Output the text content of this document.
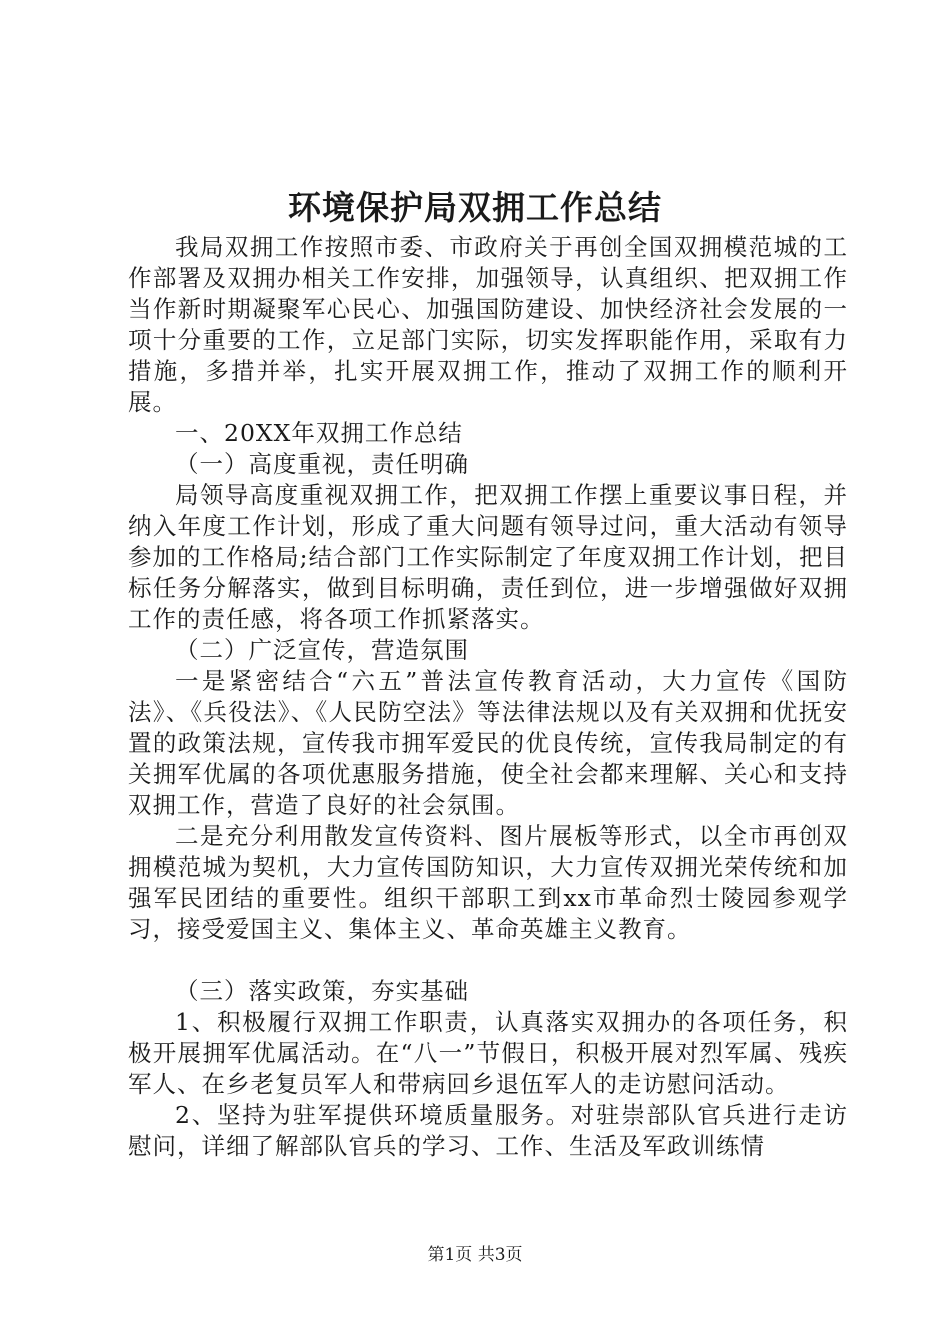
环境保护局双拥工作总结

我局双拥工作按照市委、市政府关于再创全国双拥模范城的工作部署及双拥办相关工作安排，加强领导，认真组织、把双拥工作当作新时期凝聚军心民心、加强国防建设、加快经济社会发展的一项十分重要的工作，立足部门实际，切实发挥职能作用，采取有力措施，多措并举，扎实开展双拥工作，推动了双拥工作的顺利开展。

一、20XX年双拥工作总结

（一）高度重视，责任明确

局领导高度重视双拥工作，把双拥工作摆上重要议事日程，并纳入年度工作计划，形成了重大问题有领导过问，重大活动有领导参加的工作格局;结合部门工作实际制定了年度双拥工作计划，把目标任务分解落实，做到目标明确，责任到位，进一步增强做好双拥工作的责任感，将各项工作抓紧落实。

（二）广泛宣传，营造氛围

一是紧密结合“六五”普法宣传教育活动，大力宣传《国防法》、《兵役法》、《人民防空法》等法律法规以及有关双拥和优抚安置的政策法规，宣传我市拥军爱民的优良传统，宣传我局制定的有关拥军优属的各项优惠服务措施，使全社会都来理解、关心和支持双拥工作，营造了良好的社会氛围。

二是充分利用散发宣传资料、图片展板等形式，以全市再创双拥模范城为契机，大力宣传国防知识，大力宣传双拥光荣传统和加强军民团结的重要性。组织干部职工到xx市革命烈士陵园参观学习，接受爱国主义、集体主义、革命英雄主义教育。

（三）落实政策，夯实基础

1、积极履行双拥工作职责，认真落实双拥办的各项任务，积极开展拥军优属活动。在“八一”节假日，积极开展对烈军属、残疾军人、在乡老复员军人和带病回乡退伍军人的走访慰问活动。

2、坚持为驻军提供环境质量服务。对驻崇部队官兵进行走访慰问，详细了解部队官兵的学习、工作、生活及军政训练情

第1页 共3页
